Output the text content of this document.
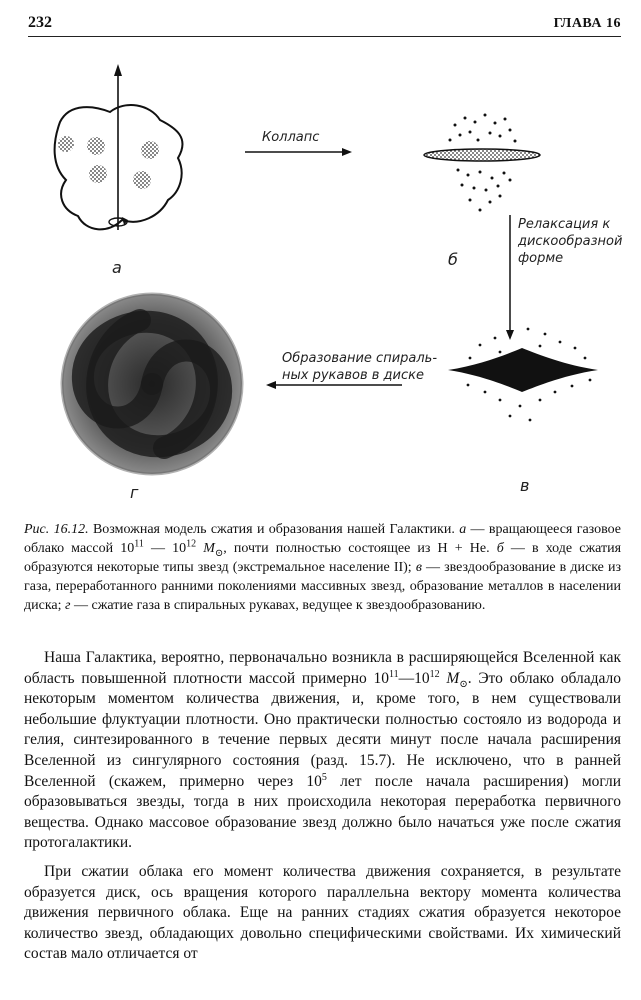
232	ГЛАВА 16
а	б
в
г
Коллапс
Релаксация к
дискообразной
форме
Образование спираль-
ных рукавов в диске
Рис. 16.12. Возможная модель сжатия и образования нашей Галактики. а — вращающееся газовое облако массой $10^{11}$ — $10^{12}$ $M_⊙$, почти полностью состоящее из H + He. б — в ходе сжатия образуются некоторые типы звезд (экстремальное население II); в — звездообразование в диске из газа, переработанного ранними поколениями массивных звезд, образование металлов в населении диска; г — сжатие газа в спиральных рукавах, ведущее к звездообразованию.

Наша Галактика, вероятно, первоначально возникла в расширяющейся Вселенной как область повышенной плотности массой примерно $10^{11}—10^{12}$ $M_⊙$. Это облако обладало некоторым моментом количества движения, и, кроме того, в нем существовали небольшие флуктуации плотности. Оно практически полностью состояло из водорода и гелия, синтезированного в течение первых десяти минут после начала расширения Вселенной из сингулярного состояния (разд. 15.7). Не исключено, что в ранней Вселенной (скажем, примерно через $10^5$ лет после начала расширения) могли образовываться звезды, тогда в них происходила некоторая переработка первичного вещества. Однако массовое образование звезд должно было начаться уже после сжатия протогалактики.

При сжатии облака его момент количества движения сохраняется, в результате образуется диск, ось вращения которого параллельна вектору момента количества движения первичного облака. Еще на ранних стадиях сжатия образуется некоторое количество звезд, обладающих довольно специфическими свойствами. Их химический состав мало отличается от
